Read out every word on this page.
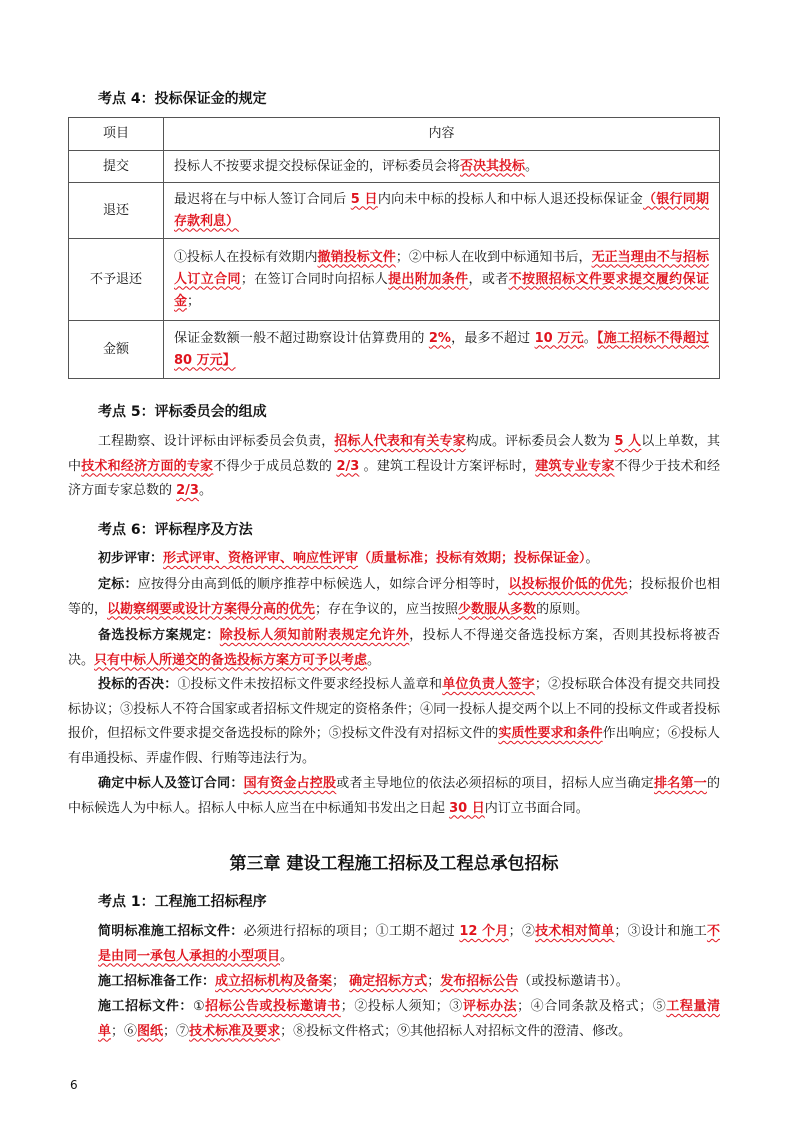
考点 4：投标保证金的规定
项目	内容
提交	投标人不按要求提交投标保证金的，评标委员会将否决其投标。
退还	最迟将在与中标人签订合同后 5 日内向未中标的投标人和中标人退还投标保证金（银行同期存款利息）
不予退还	①投标人在投标有效期内撤销投标文件；②中标人在收到中标通知书后，无正当理由不与招标人订立合同；在签订合同时向招标人提出附加条件，或者不按照招标文件要求提交履约保证金；
金额	保证金数额一般不超过勘察设计估算费用的 2%，最多不超过 10 万元。【施工招标不得超过 80 万元】
考点 5：评标委员会的组成

工程勘察、设计评标由评标委员会负责，招标人代表和有关专家构成。评标委员会人数为 5 人以上单数，其中技术和经济方面的专家不得少于成员总数的 2/3 。建筑工程设计方案评标时，建筑专业专家不得少于技术和经济方面专家总数的 2/3。

考点 6：评标程序及方法

初步评审：形式评审、资格评审、响应性评审（质量标准；投标有效期；投标保证金）。

定标：应按得分由高到低的顺序推荐中标候选人，如综合评分相等时，以投标报价低的优先；投标报价也相等的，以勘察纲要或设计方案得分高的优先；存在争议的，应当按照少数服从多数的原则。

备选投标方案规定：除投标人须知前附表规定允许外，投标人不得递交备选投标方案，否则其投标将被否决。只有中标人所递交的备选投标方案方可予以考虑。

投标的否决：①投标文件未按招标文件要求经投标人盖章和单位负责人签字；②投标联合体没有提交共同投标协议；③投标人不符合国家或者招标文件规定的资格条件；④同一投标人提交两个以上不同的投标文件或者投标报价，但招标文件要求提交备选投标的除外；⑤投标文件没有对招标文件的实质性要求和条件作出响应；⑥投标人有串通投标、弄虚作假、行贿等违法行为。

确定中标人及签订合同：国有资金占控股或者主导地位的依法必须招标的项目，招标人应当确定排名第一的中标候选人为中标人。招标人中标人应当在中标通知书发出之日起 30 日内订立书面合同。

第三章 建设工程施工招标及工程总承包招标
考点 1：工程施工招标程序

简明标准施工招标文件：必须进行招标的项目；①工期不超过 12 个月；②技术相对简单；③设计和施工不是由同一承包人承担的小型项目。

施工招标准备工作：成立招标机构及备案； 确定招标方式；发布招标公告（或投标邀请书）。

施工招标文件：①招标公告或投标邀请书；②投标人须知；③评标办法；④合同条款及格式；⑤工程量清单；⑥图纸；⑦技术标准及要求；⑧投标文件格式；⑨其他招标人对招标文件的澄清、修改。

6
